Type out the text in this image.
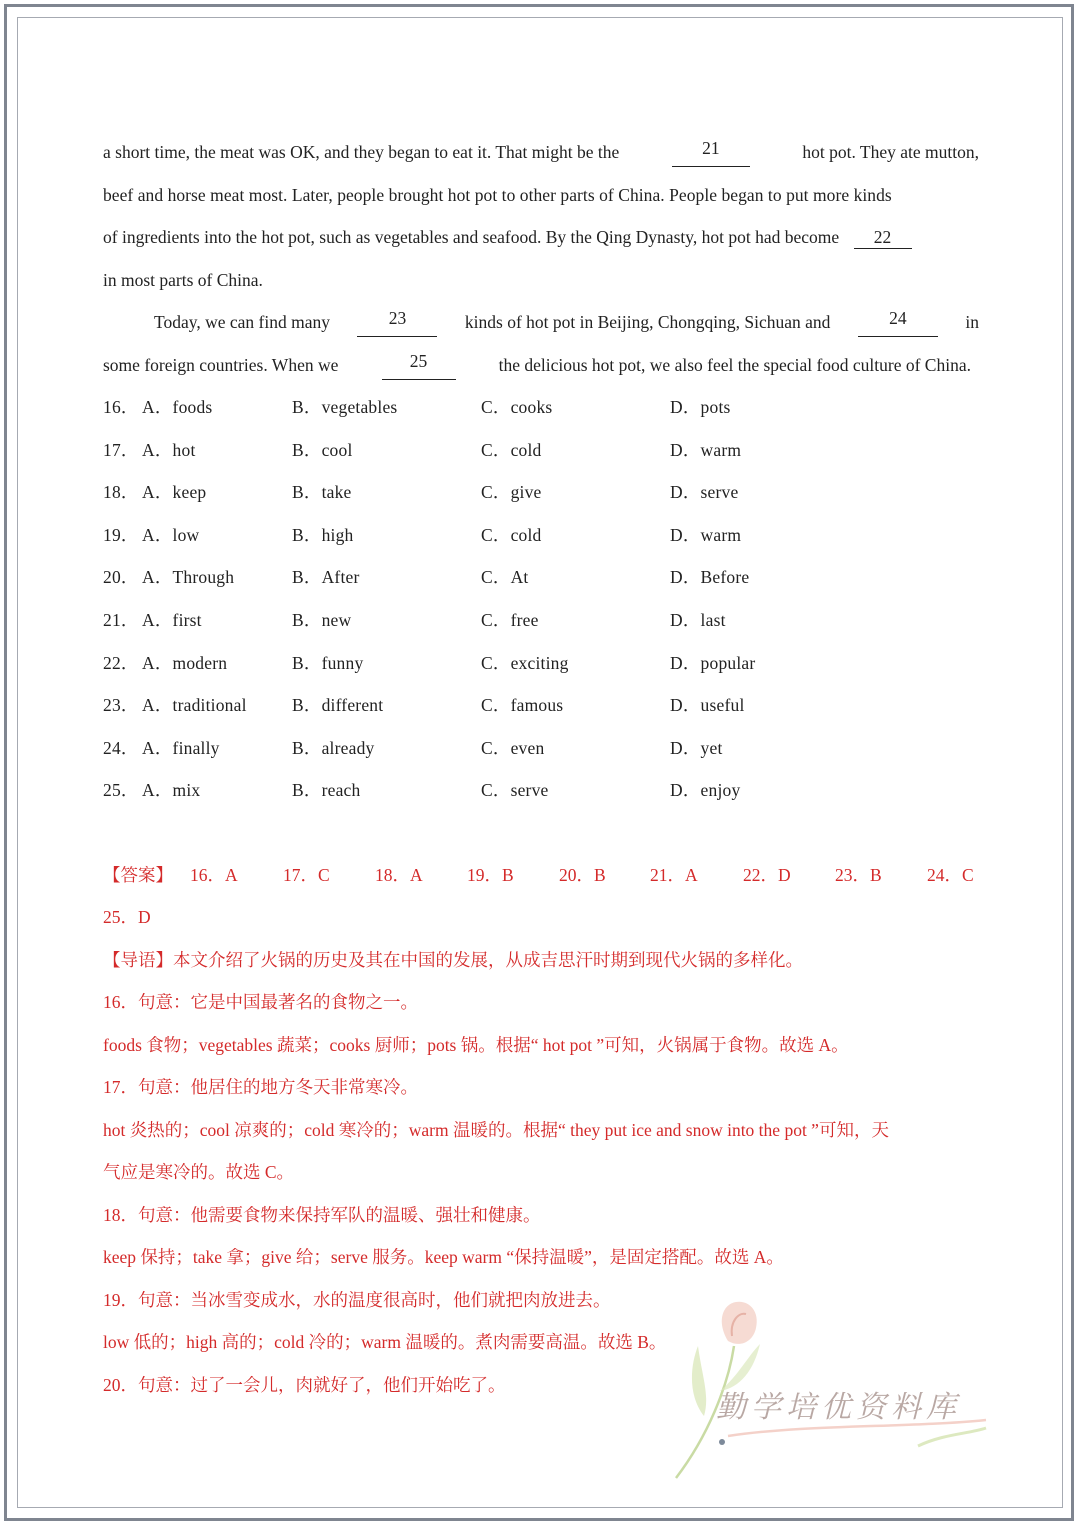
a short time, the meat was OK, and they began to eat it. That might be the	21	hot pot. They ate mutton,
beef and horse meat most. Later, people brought hot pot to other parts of China. People began to put more kinds
of ingredients into the hot pot, such as vegetables and seafood. By the Qing Dynasty, hot pot had become 22
in most parts of China.
Today, we can find many	23	kinds of hot pot in Beijing, Chongqing, Sichuan and	24	in
some foreign countries. When we	25	the delicious hot pot, we also feel the special food culture of China.
16． A．foods	B．vegetables	C．cooks	D．pots
17． A．hot	B．cool	C．cold	D．warm
18． A．keep	B．take	C．give	D．serve
19． A．low	B．high	C．cold	D．warm
20． A．Through	B．After	C．At	D．Before
21． A．first	B．new	C．free	D．last
22． A．modern	B．funny	C．exciting	D．popular
23． A．traditional	B．different	C．famous	D．useful
24． A．finally	B．already	C．even	D．yet
25． A．mix	B．reach	C．serve	D．enjoy
【答案】 16．A	17．C	18．A	19．B	20．B	21．A	22．D	23．B	24．C
25．D
【导语】本文介绍了火锅的历史及其在中国的发展，从成吉思汗时期到现代火锅的多样化。
16．句意：它是中国最著名的食物之一。
foods 食物；vegetables 蔬菜；cooks 厨师；pots 锅。根据“ hot pot ”可知，火锅属于食物。故选 A。
17．句意：他居住的地方冬天非常寒冷。
hot 炎热的；cool 凉爽的；cold 寒冷的；warm 温暖的。根据“ they put ice and snow into the pot ”可知，天
气应是寒冷的。故选 C。
18．句意：他需要食物来保持军队的温暖、强壮和健康。
keep 保持；take 拿；give 给；serve 服务。keep warm “保持温暖”，是固定搭配。故选 A。
19．句意：当冰雪变成水，水的温度很高时，他们就把肉放进去。
low 低的；high 高的；cold 冷的；warm 温暖的。煮肉需要高温。故选 B。
20．句意：过了一会儿，肉就好了，他们开始吃了。
勤学培优资料库
